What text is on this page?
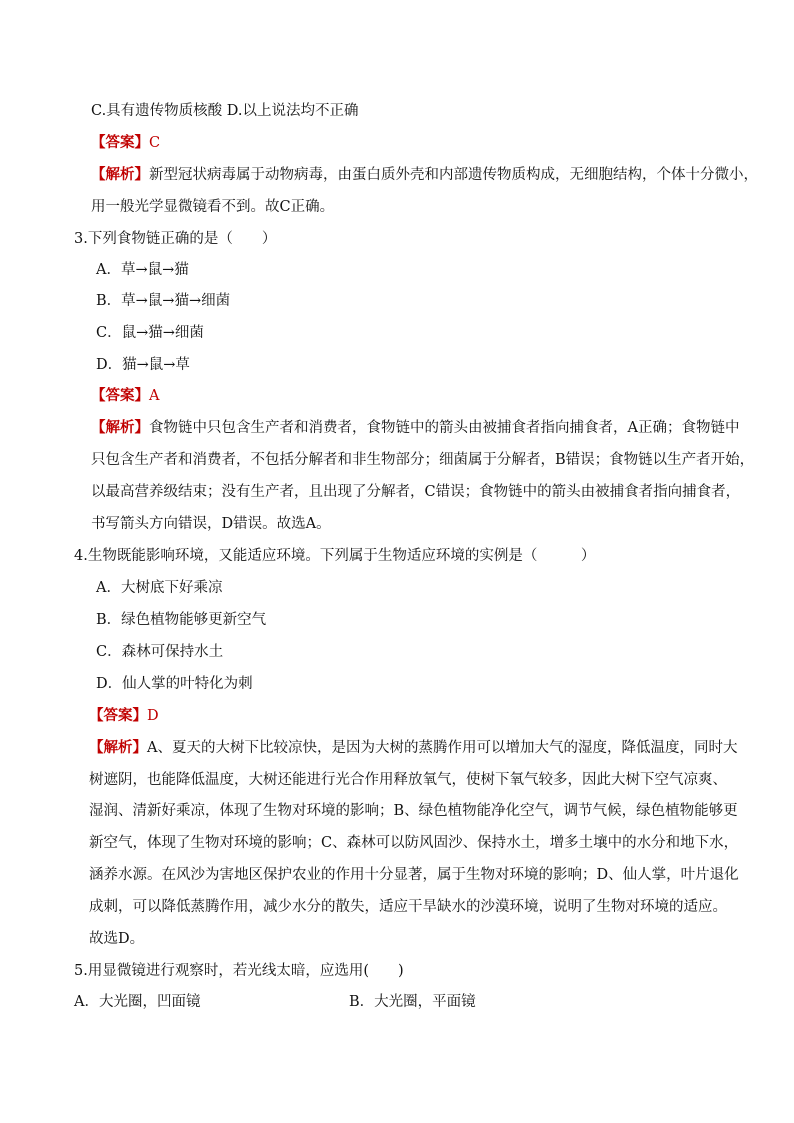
C.具有遗传物质核酸 D.以上说法均不正确
【答案】C
【解析】新型冠状病毒属于动物病毒，由蛋白质外壳和内部遗传物质构成，无细胞结构，个体十分微小，
用一般光学显微镜看不到。故C正确。
3.下列食物链正确的是（　　）
A．草→鼠→猫
B．草→鼠→猫→细菌
C．鼠→猫→细菌
D．猫→鼠→草
【答案】A
【解析】食物链中只包含生产者和消费者，食物链中的箭头由被捕食者指向捕食者，A正确；食物链中
只包含生产者和消费者，不包括分解者和非生物部分；细菌属于分解者，B错误；食物链以生产者开始，
以最高营养级结束；没有生产者，且出现了分解者，C错误；食物链中的箭头由被捕食者指向捕食者，
书写箭头方向错误，D错误。故选A。
4.生物既能影响环境，又能适应环境。下列属于生物适应环境的实例是（　　　）
A．大树底下好乘凉
B．绿色植物能够更新空气
C．森林可保持水土
D．仙人掌的叶特化为刺
【答案】D
【解析】A、夏天的大树下比较凉快，是因为大树的蒸腾作用可以增加大气的湿度，降低温度，同时大
树遮阴，也能降低温度，大树还能进行光合作用释放氧气，使树下氧气较多，因此大树下空气凉爽、
湿润、清新好乘凉，体现了生物对环境的影响；B、绿色植物能净化空气，调节气候，绿色植物能够更
新空气，体现了生物对环境的影响；C、森林可以防风固沙、保持水土，增多土壤中的水分和地下水，
涵养水源。在风沙为害地区保护农业的作用十分显著，属于生物对环境的影响；D、仙人掌，叶片退化
成刺，可以降低蒸腾作用，减少水分的散失，适应干旱缺水的沙漠环境，说明了生物对环境的适应。
故选D。
5.用显微镜进行观察时，若光线太暗，应选用(　　)
A．大光圈，凹面镜	B．大光圈，平面镜
